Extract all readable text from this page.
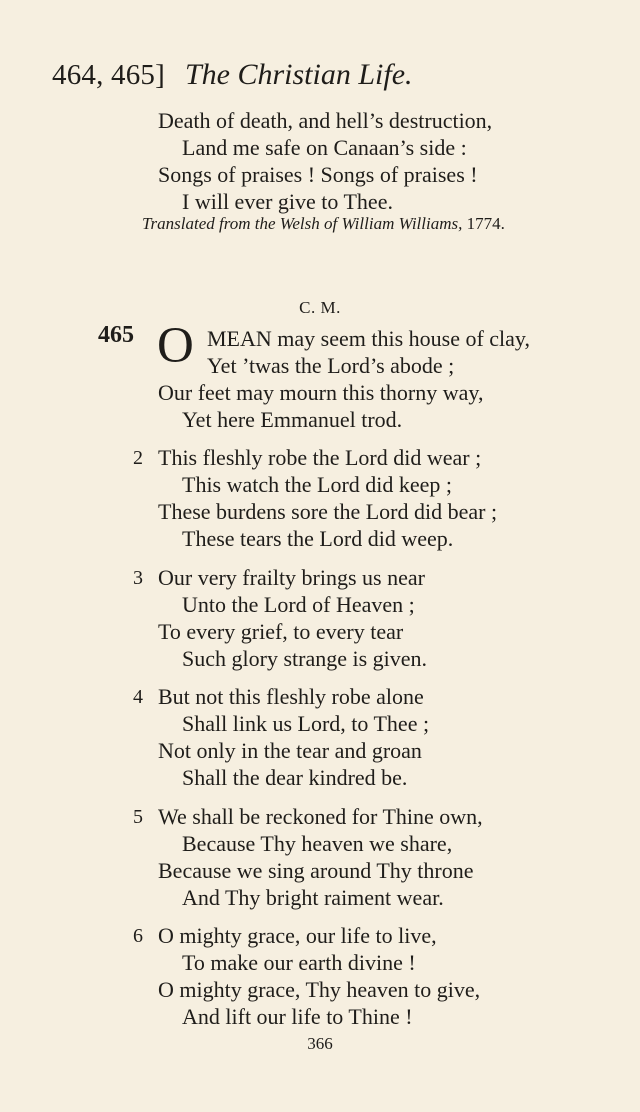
464, 465] The Christian Life.
Death of death, and hell’s destruction,
Land me safe on Canaan’s side :
Songs of praises ! Songs of praises !
I will ever give to Thee.
Translated from the Welsh of William Williams, 1774.
C. M.
465 O MEAN may seem this house of clay,
Yet ’twas the Lord’s abode ;
Our feet may mourn this thorny way,
Yet here Emmanuel trod.
2 This fleshly robe the Lord did wear ;
This watch the Lord did keep ;
These burdens sore the Lord did bear ;
These tears the Lord did weep.
3 Our very frailty brings us near
Unto the Lord of Heaven ;
To every grief, to every tear
Such glory strange is given.
4 But not this fleshly robe alone
Shall link us Lord, to Thee ;
Not only in the tear and groan
Shall the dear kindred be.
5 We shall be reckoned for Thine own,
Because Thy heaven we share,
Because we sing around Thy throne
And Thy bright raiment wear.
6 O mighty grace, our life to live,
To make our earth divine !
O mighty grace, Thy heaven to give,
And lift our life to Thine !
366
